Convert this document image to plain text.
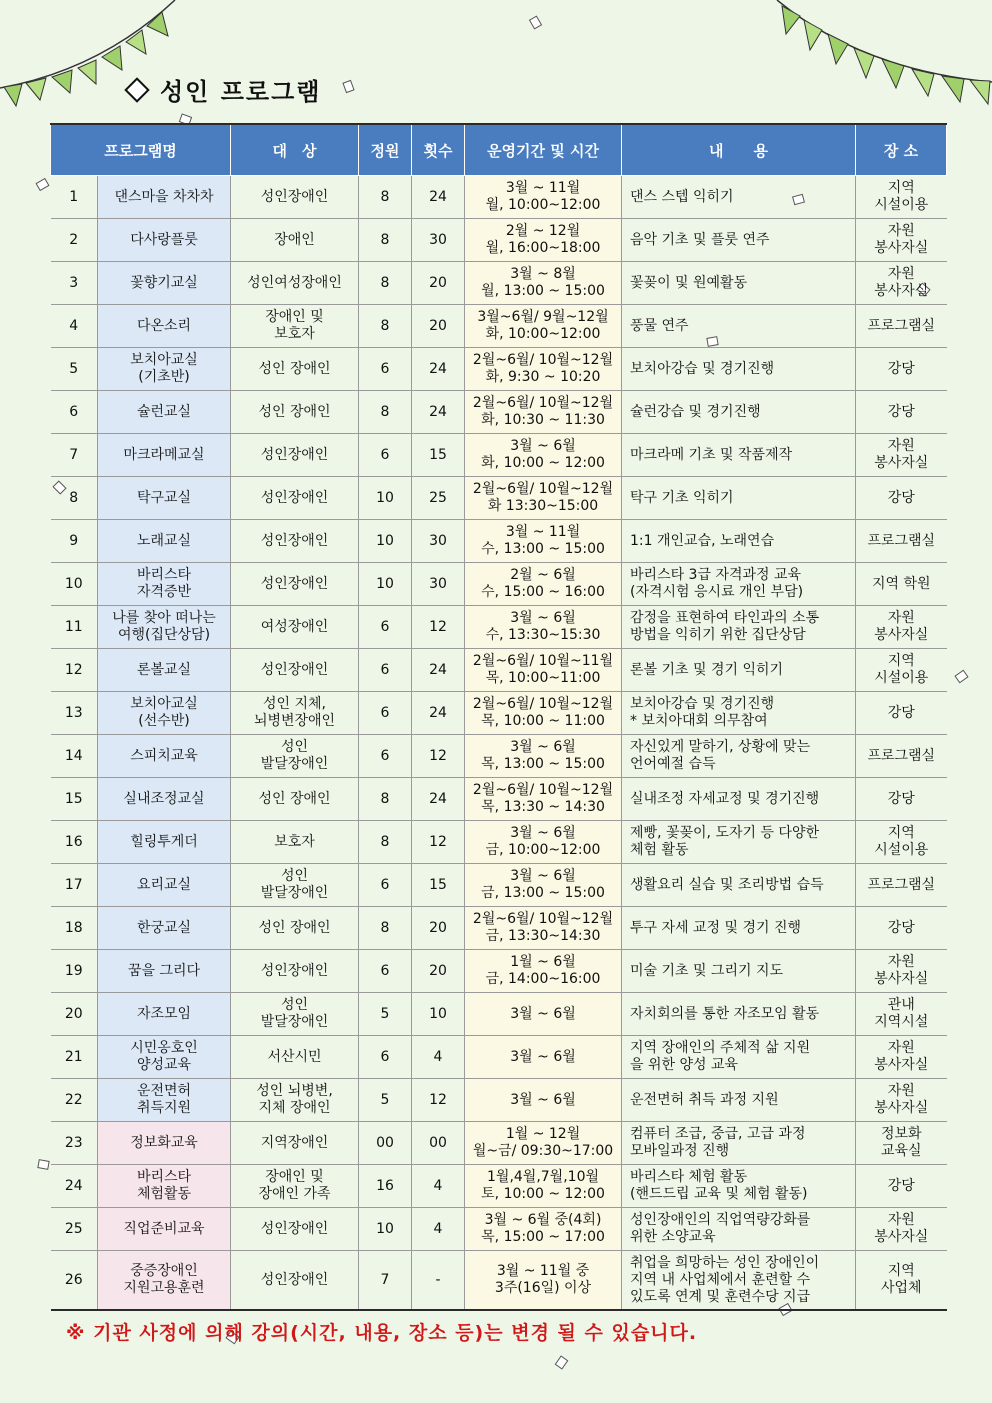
성인 프로그램
프로그램명		대　상	정원	횟수	운영기간 및 시간	내　　용	장 소
1	댄스마을 차차차	성인장애인	8	24	3월 ~ 11월
월, 10:00~12:00	댄스 스텝 익히기	지역
시설이용
2	다사랑플룻	장애인	8	30	2월 ~ 12월
월, 16:00~18:00	음악 기초 및 플룻 연주	자원
봉사자실
3	꽃향기교실	성인여성장애인	8	20	3월 ~ 8월
월, 13:00 ~ 15:00	꽃꽂이 및 원예활동	자원
봉사자실
4	다온소리	장애인 및
보호자	8	20	3월~6월/ 9월~12월
화, 10:00~12:00	풍물 연주	프로그램실
5	보치아교실
(기초반)	성인 장애인	6	24	2월~6월/ 10월~12월
화, 9:30 ~ 10:20	보치아강습 및 경기진행	강당
6	슐런교실	성인 장애인	8	24	2월~6월/ 10월~12월
화, 10:30 ~ 11:30	슐런강습 및 경기진행	강당
7	마크라메교실	성인장애인	6	15	3월 ~ 6월
화, 10:00 ~ 12:00	마크라메 기초 및 작품제작	자원
봉사자실
8	탁구교실	성인장애인	10	25	2월~6월/ 10월~12월
화 13:30~15:00	탁구 기초 익히기	강당
9	노래교실	성인장애인	10	30	3월 ~ 11월
수, 13:00 ~ 15:00	1:1 개인교습, 노래연습	프로그램실
10	바리스타
자격증반	성인장애인	10	30	2월 ~ 6월
수, 15:00 ~ 16:00	바리스타 3급 자격과정 교육
(자격시험 응시료 개인 부담)	지역 학원
11	나를 찾아 떠나는
여행(집단상담)	여성장애인	6	12	3월 ~ 6월
수, 13:30~15:30	감정을 표현하여 타인과의 소통
방법을 익히기 위한 집단상담	자원
봉사자실
12	론볼교실	성인장애인	6	24	2월~6월/ 10월~11월
목, 10:00~11:00	론볼 기초 및 경기 익히기	지역
시설이용
13	보치아교실
(선수반)	성인 지체,
뇌병변장애인	6	24	2월~6월/ 10월~12월
목, 10:00 ~ 11:00	보치아강습 및 경기진행
* 보치아대회 의무참여	강당
14	스피치교육	성인
발달장애인	6	12	3월 ~ 6월
목, 13:00 ~ 15:00	자신있게 말하기, 상황에 맞는
언어예절 습득	프로그램실
15	실내조정교실	성인 장애인	8	24	2월~6월/ 10월~12월
목, 13:30 ~ 14:30	실내조정 자세교정 및 경기진행	강당
16	힐링투게더	보호자	8	12	3월 ~ 6월
금, 10:00~12:00	제빵, 꽃꽂이, 도자기 등 다양한
체험 활동	지역
시설이용
17	요리교실	성인
발달장애인	6	15	3월 ~ 6월
금, 13:00 ~ 15:00	생활요리 실습 및 조리방법 습득	프로그램실
18	한궁교실	성인 장애인	8	20	2월~6월/ 10월~12월
금, 13:30~14:30	투구 자세 교정 및 경기 진행	강당
19	꿈을 그리다	성인장애인	6	20	1월 ~ 6월
금, 14:00~16:00	미술 기초 및 그리기 지도	자원
봉사자실
20	자조모임	성인
발달장애인	5	10	3월 ~ 6월	자치회의를 통한 자조모임 활동	관내
지역시설
21	시민옹호인
양성교육	서산시민	6	4	3월 ~ 6월	지역 장애인의 주체적 삶 지원
을 위한 양성 교육	자원
봉사자실
22	운전면허
취득지원	성인 뇌병변,
지체 장애인	5	12	3월 ~ 6월	운전면허 취득 과정 지원	자원
봉사자실
23	정보화교육	지역장애인	00	00	1월 ~ 12월
월~금/ 09:30~17:00	컴퓨터 조급, 중급, 고급 과정
모바일과정 진행	정보화
교육실
24	바리스타
체험활동	장애인 및
장애인 가족	16	4	1월,4월,7월,10월
토, 10:00 ~ 12:00	바리스타 체험 활동
(핸드드립 교육 및 체험 활동)	강당
25	직업준비교육	성인장애인	10	4	3월 ~ 6월 중(4회)
목, 15:00 ~ 17:00	성인장애인의 직업역량강화를
위한 소양교육	자원
봉사자실
26	중증장애인
지원고용훈련	성인장애인	7	-	3월 ~ 11월 중
3주(16일) 이상	취업을 희망하는 성인 장애인이
지역 내 사업체에서 훈련할 수
있도록 연계 및 훈련수당 지급	지역
사업체
※ 기관 사정에 의해 강의(시간, 내용, 장소 등)는 변경 될 수 있습니다.
